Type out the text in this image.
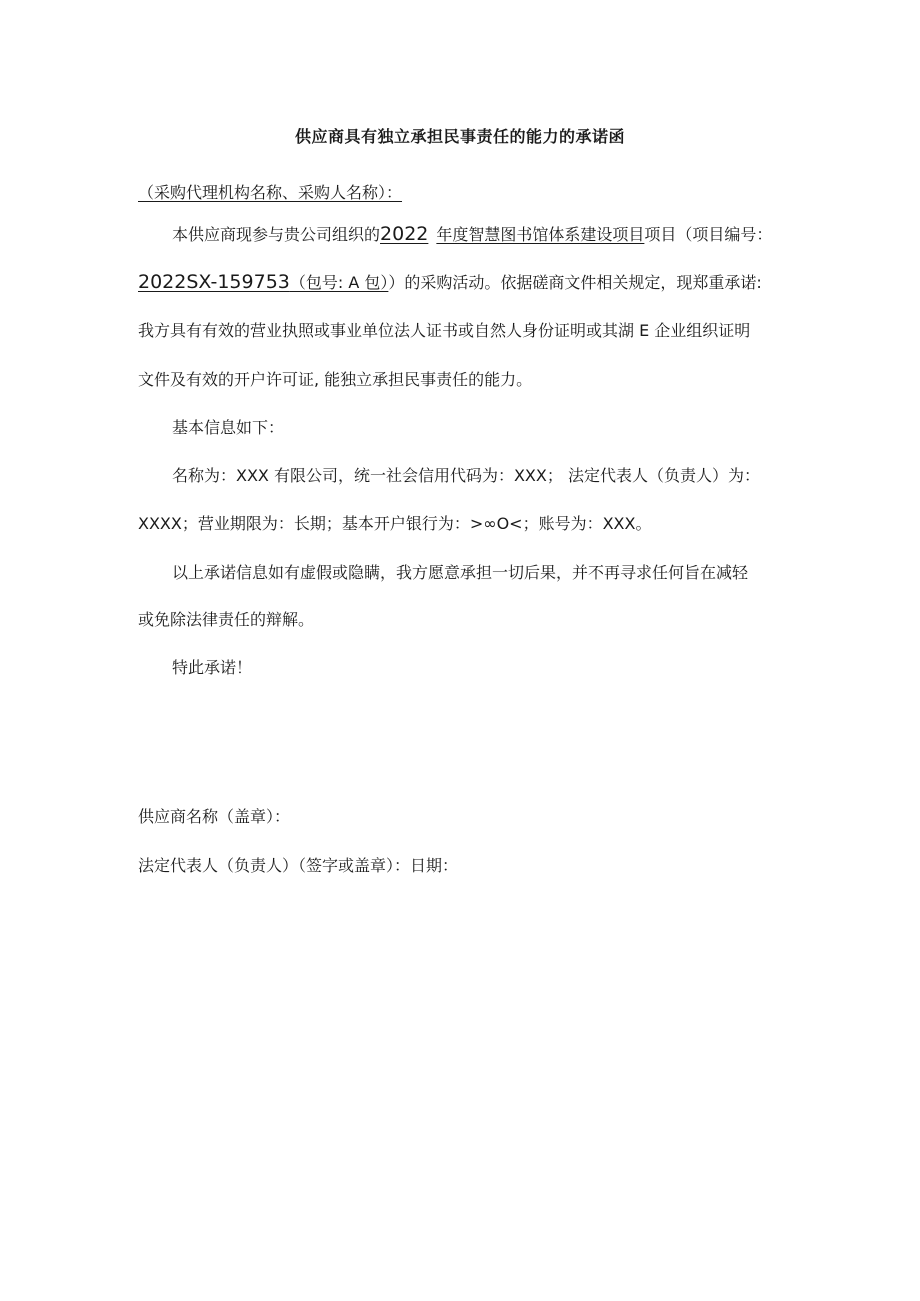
供应商具有独立承担民事责任的能力的承诺函
（采购代理机构名称、采购人名称）：
本供应商现参与贵公司组织的2022 年度智慧图书馆体系建设项目项目（项目编号：
2022SX-159753（包号: A 包））的采购活动。依据磋商文件相关规定，现郑重承诺:
我方具有有效的营业执照或事业单位法人证书或自然人身份证明或其湖 E 企业组织证明
文件及有效的开户许可证, 能独立承担民事责任的能力。
基本信息如下：
名称为：XXX 有限公司，统一社会信用代码为：XXX； 法定代表人（负责人）为：
XXXX；营业期限为：长期；基本开户银行为：>∞O<；账号为：XXX。
以上承诺信息如有虚假或隐瞒，我方愿意承担一切后果，并不再寻求任何旨在减轻
或免除法律责任的辩解。
特此承诺！
供应商名称（盖章）：
法定代表人（负责人）（签字或盖章）：日期：
